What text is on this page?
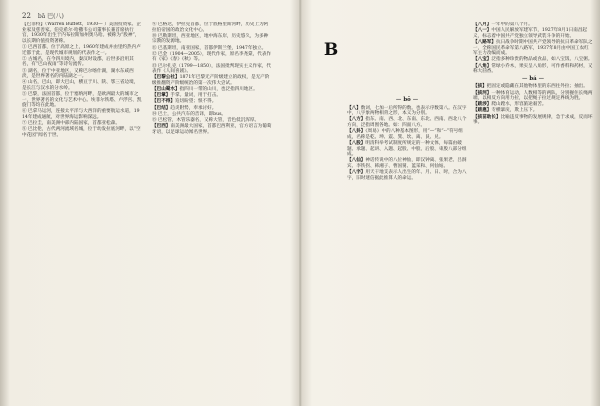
22 bā 巴(八)

【巴菲特】（Warren Buffett，1930— ）美国投资家、企业家及慈善家。伯克希尔·哈撒韦公司董事长兼首席执行官，1930年出生于内布拉斯加州奥马哈。被称为“股神”，以长期价值投资著称。

① 巴西首都，位于高原之上，1960年建成并由里约热内卢迁都于此，是现代城市规划的代表作之一。

② 古城名，在今四川境内，秦汉时设郡，后世多沿用其名，有“巴山夜雨”等诗句流传。

③ 湖名，位于中亚地区，又称巴尔喀什湖，湖水东咸西淡，是世界著名的内陆湖之一。

④ 山名，巴山，即大巴山，横亘于川、陕、鄂三省边境，是长江与汉水的分水岭。

⑤ 巴黎，法国首都，位于塞纳河畔，是欧洲最大的城市之一，世界著名的文化与艺术中心。埃菲尔铁塔、卢浮宫、凯旋门等均在此地。

⑥ 巴拿马运河，连接太平洋与大西洋的重要航运水道，1914年建成通航，对世界海运影响深远。

⑦ 巴拉圭，南美洲中部内陆国家，首都亚松森。

⑧ 巴比伦，古代两河流域名城，位于幼发拉底河畔，以“空中花园”闻名于世。

⑨ 巴格达，伊拉克首都，位于底格里斯河畔，历史上为阿拉伯帝国的政治文化中心。

⑩ 巴勒斯坦，西亚地区，地中海东岸，历史悠久，为多种宗教的发源地。

⑪ 巴基斯坦，南亚国家，首都伊斯兰堡，1947年独立。

⑫ 巴金（1904—2005），现代作家，原名李尧棠，代表作有《家》《春》《秋》等。

⑬ 巴尔扎克（1799—1850），法国批判现实主义作家，代表作《人间喜剧》。

【巴黎公社】1871年巴黎无产阶级建立的政权，是无产阶级推翻资产阶级统治的第一次伟大尝试。

【巴山蜀水】指四川一带的山川，也泛指四川地区。

【巴掌】手掌。量词，用于打击。

【巴不得】迫切盼望；恨不得。

【巴结】趋炎附势，奉承讨好。

⑭ 巴士，公共汽车的音译，即bus。

⑮ 巴松管，木管乐器名，又称大管，音色低沉浑厚。

【巴西】南美洲最大国家，首都巴西利亚，官方语言为葡萄牙语，以足球运动闻名世界。

B
— bō —

【八】数词，七加一后所得的数。也表示序数第八。在汉字中，八字象两物相背之形，本义为分别。

【八方】指东、南、西、北、东南、东北、西南、西北八个方向，泛指周围各地。如：四面八方。

【八卦】《周易》中的八种基本图形，用“—”和“--”符号组成，名称是乾、坤、震、巽、坎、离、艮、兑。

【八股】明清科举考试制度所规定的一种文体，每篇由破题、承题、起讲、入题、起股、中股、后股、束股八部分组成。

【八仙】神话传说中的八位神仙，即汉钟离、张果老、吕洞宾、李铁拐、韩湘子、曹国舅、蓝采和、何仙姑。

【八字】用天干地支表示人出生的年、月、日、时，合为八字，旧时迷信据此推算人的命运。

【八月】一年中的第八个月。

【八一】中国人民解放军建军节，1927年8月1日南昌起义，标志着中国共产党独立领导武装斗争的开始。

【八路军】抗日战争时期中国共产党领导的抗日革命军队之一，全称国民革命军第八路军，1937年8月由中国工农红军主力改编而成。

【八宝】泛指多种珍贵的物品或食品，如八宝饭、八宝粥。

【八角】常绿小乔木，果实呈八角形，可作香料和药材，又称大茴香。

— bá —

【拔】把固定或隐藏在其他物体里的东西往外拉；抽出。

【拔河】一种体育运动，人数相等的两队，分别握住长绳两端，以相反方向用力拉，以把绳子拉过规定界线为胜。

【跋涉】爬山蹚水，形容旅途艰苦。

【跋扈】专横暴戾，欺上压下。

【拔苗助长】比喻违反事物的发展规律，急于求成，反而坏事。
